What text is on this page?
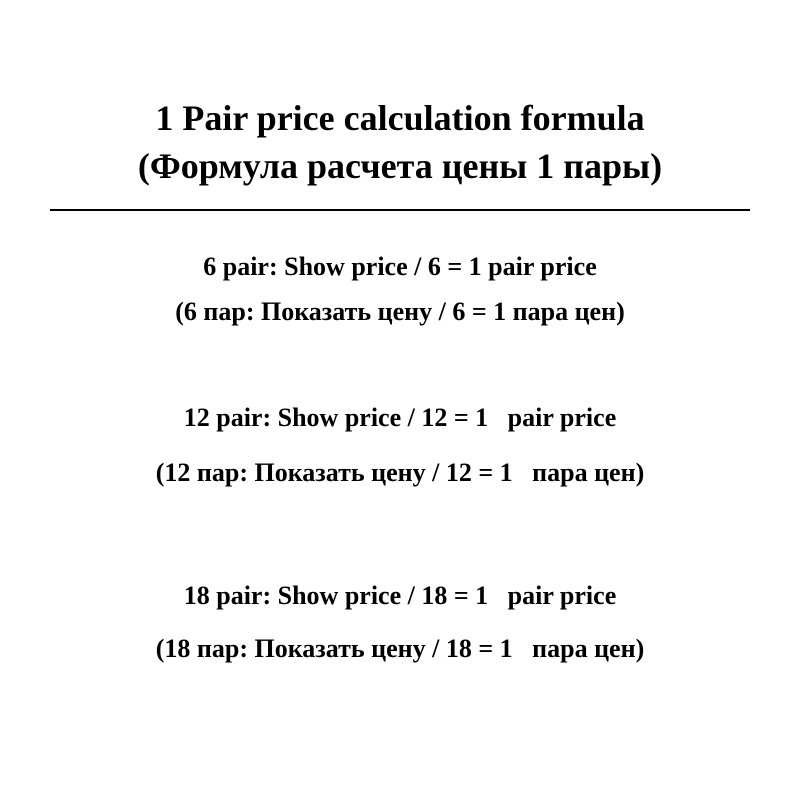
1 Pair price calculation formula
(Формула расчета цены 1 пары)

6 pair: Show price / 6 = 1 pair price

(6 пар: Показать цену / 6 = 1 пара цен)

12 pair: Show price / 12 = 1   pair price

(12 пар: Показать цену / 12 = 1   пара цен)

18 pair: Show price / 18 = 1   pair price

(18 пар: Показать цену / 18 = 1   пара цен)
